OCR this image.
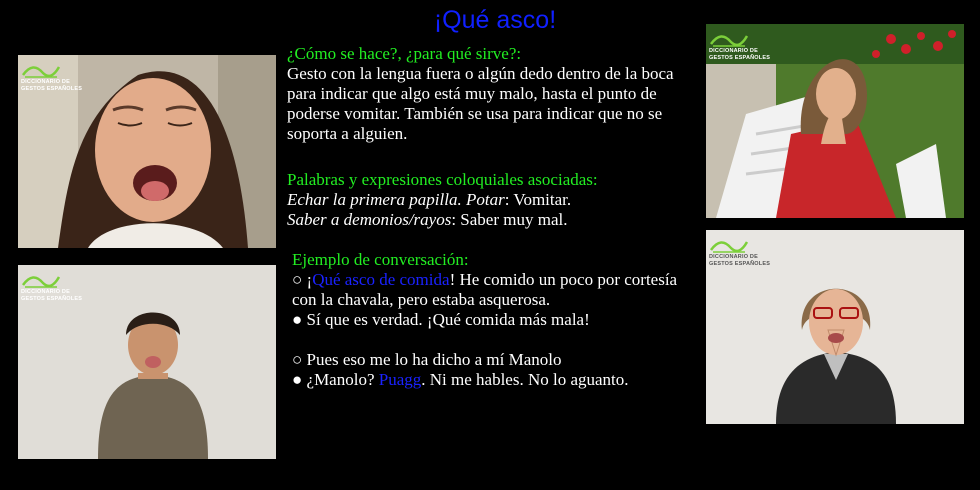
¡Qué asco!
DICCIONARIO DE
GESTOS ESPAÑOLES
DICCIONARIO DE
GESTOS ESPAÑOLES
DICCIONARIO DE
GESTOS ESPAÑOLES
DICCIONARIO DE
GESTOS ESPAÑOLES
¿Cómo se hace?, ¿para qué sirve?:
Gesto con la lengua fuera o algún dedo dentro de la boca para indicar que algo está muy malo, hasta el punto de poderse vomitar. También se usa para indicar que no se soporta a alguien.
Palabras y expresiones coloquiales asociadas:
Echar la primera papilla. Potar: Vomitar.
Saber a demonios/rayos: Saber muy mal.
Ejemplo de conversación:
○ ¡Qué asco de comida! He comido un poco por cortesía con la chavala, pero estaba asquerosa.
● Sí que es verdad. ¡Qué comida más mala!
○ Pues eso me lo ha dicho a mí Manolo
● ¿Manolo? Puagg. Ni me hables. No lo aguanto.
